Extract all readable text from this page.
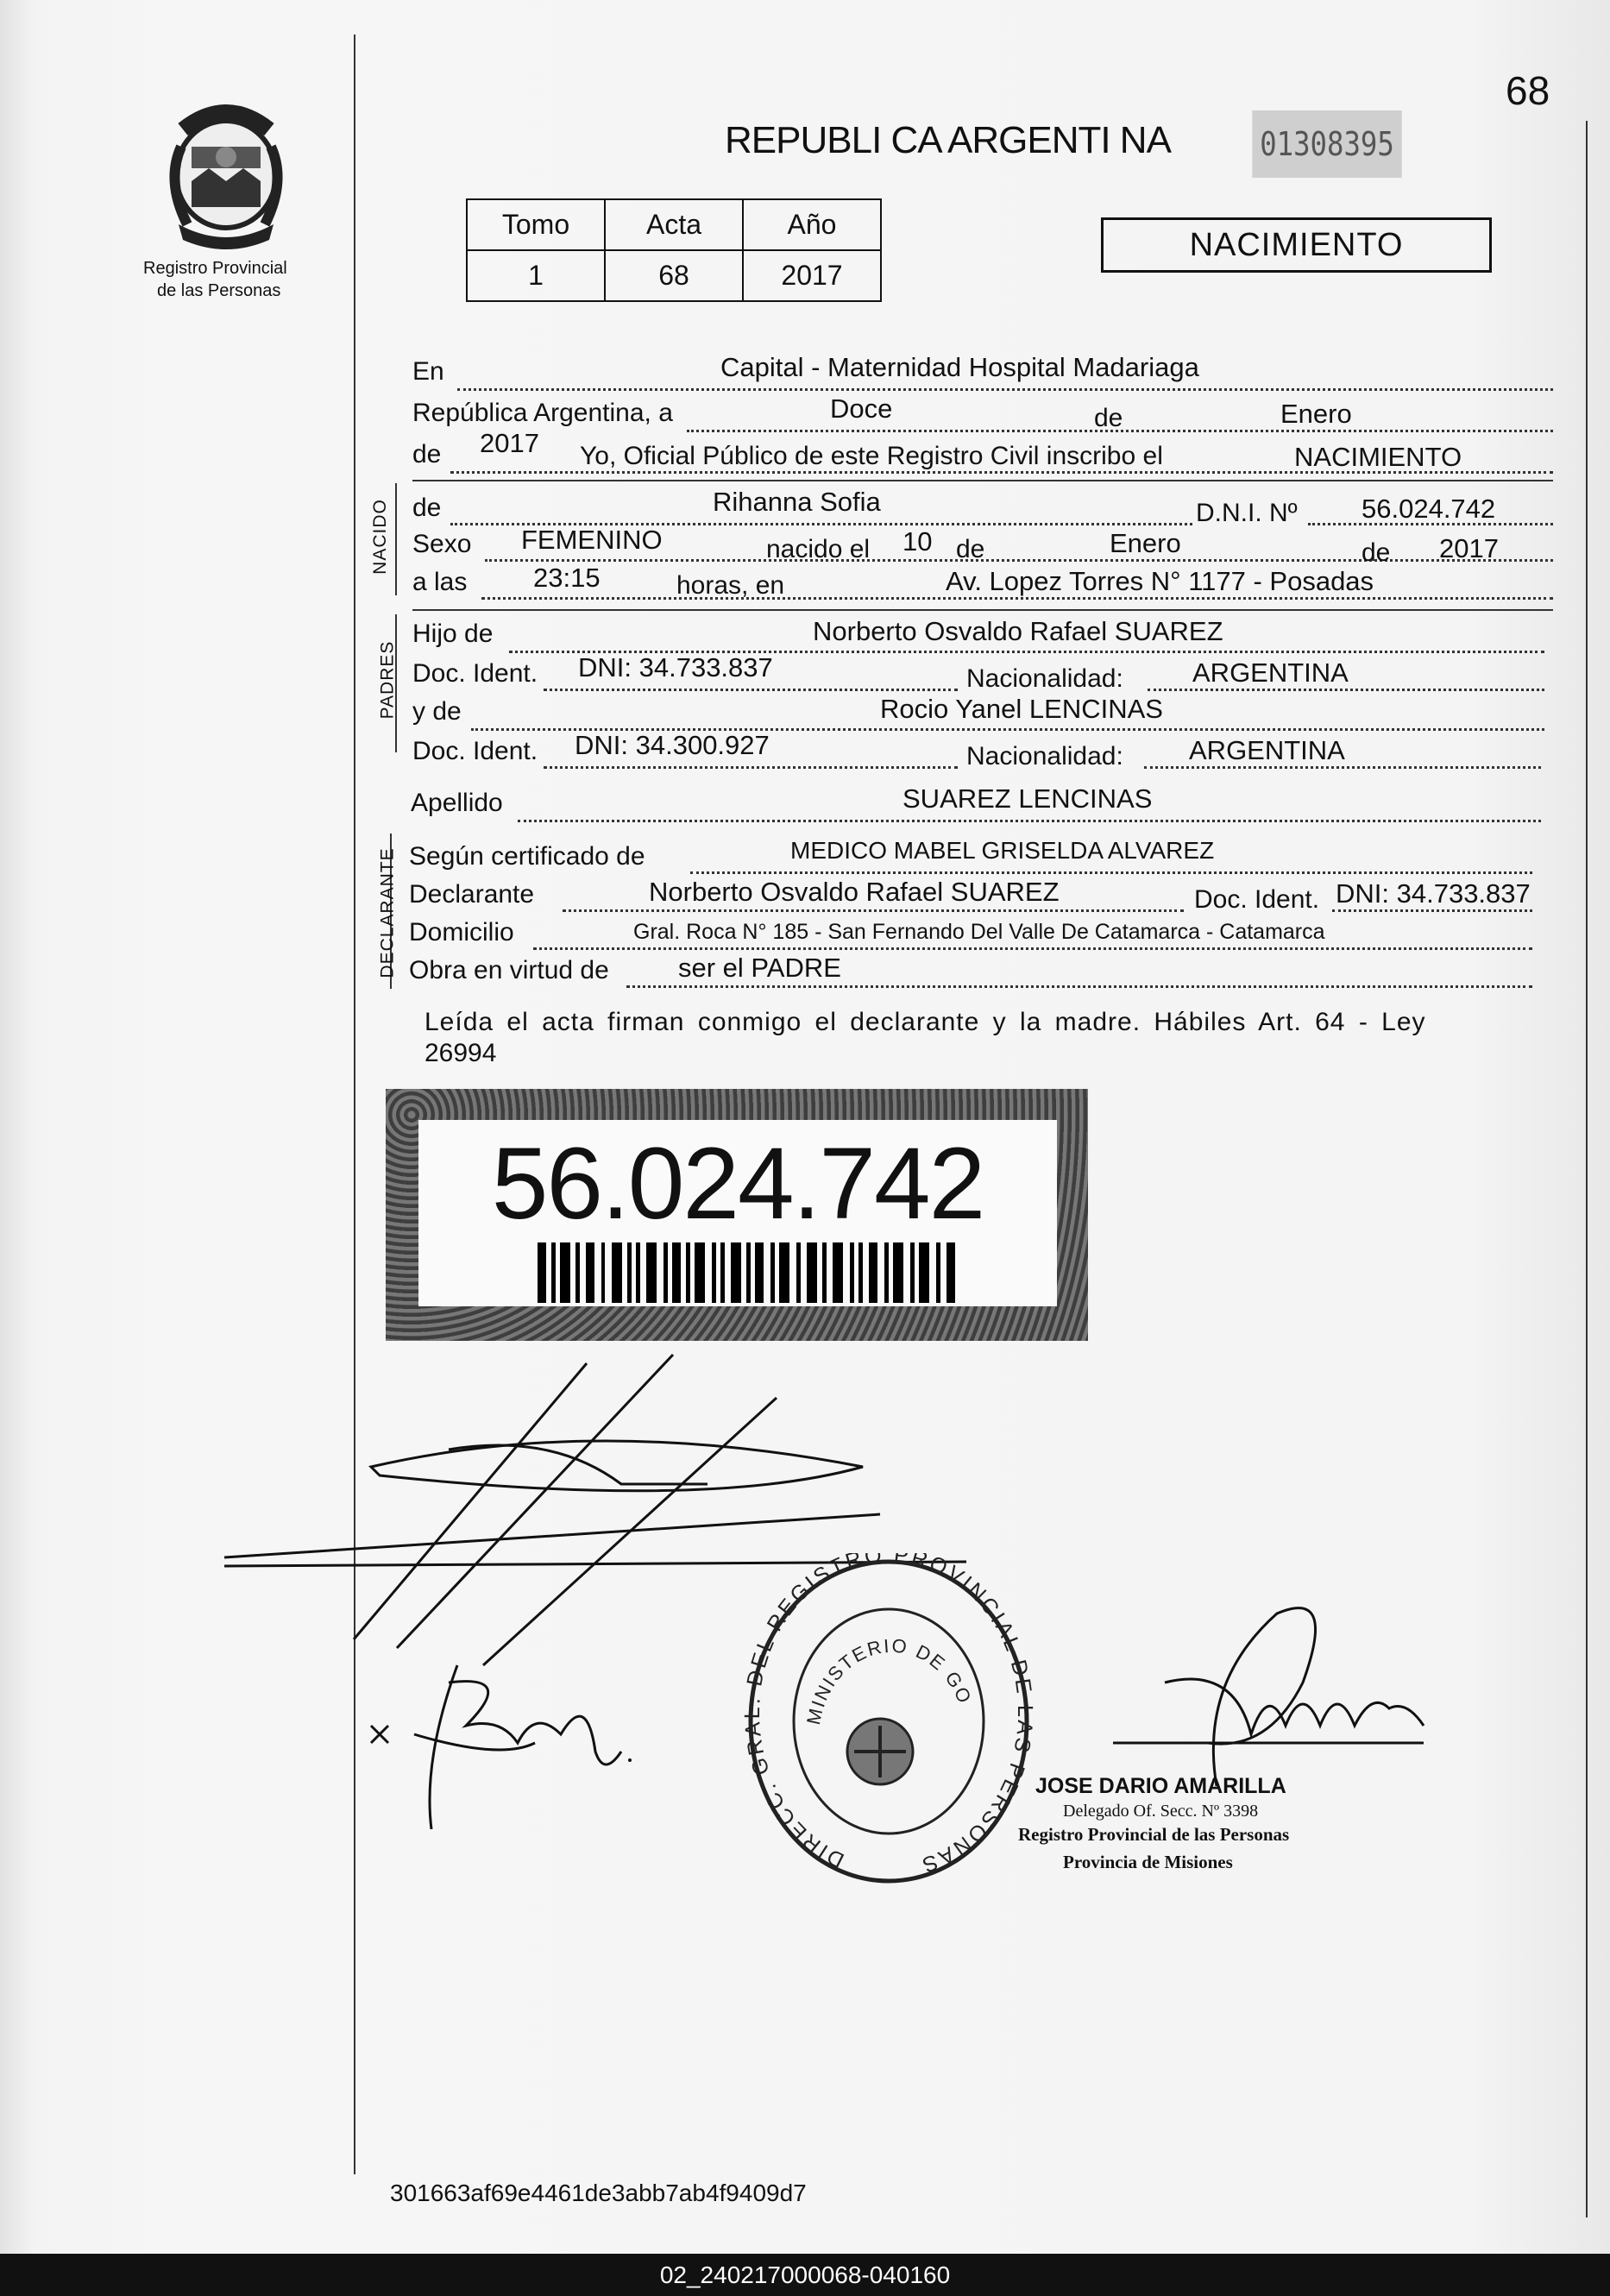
68
Registro Provincial
de las Personas
REPUBLI CA ARGENTI NA	01308395
Tomo	Acta	Año
1	68	2017
NACIMIENTO
En	Capital - Maternidad Hospital Madariaga
República Argentina, a	Doce	de	Enero
de 2017 Yo, Oficial Público de este Registro Civil inscribo el	NACIMIENTO
NACIDO de	Rihanna Sofia	D.N.I. Nº 56.024.742
Sexo FEMENINO	nacido el 10 de	Enero	de 2017
a las 23:15	horas, en	Av. Lopez Torres N° 1177 - Posadas
PADRES
Hijo de	Norberto Osvaldo Rafael SUAREZ
Doc. Ident. DNI: 34.733.837	Nacionalidad:	ARGENTINA
y de	Rocio Yanel LENCINAS
Doc. Ident. DNI: 34.300.927	Nacionalidad: ARGENTINA
Apellido	SUAREZ LENCINAS
DECLARANTE Según certificado de	MEDICO MABEL GRISELDA ALVAREZ
Declarante	Norberto Osvaldo Rafael SUAREZ	Doc. Ident. DNI: 34.733.837
Domicilio	Gral. Roca N° 185 - San Fernando Del Valle De Catamarca - Catamarca
Obra en virtud de	ser el PADRE
Leída el acta firman conmigo el declarante y la madre. Hábiles Art. 64 - Ley
26994
56.024.742
DIRECC. GRAL. DEL REGISTRO PROVINCIAL DE LAS PERSONAS
MINISTERIO DE GO
JOSE DARIO AMARILLA
Delegado Of. Secc. Nº 3398
Registro Provincial de las Personas
Provincia de Misiones
301663af69e4461de3abb7ab4f9409d7
02_240217000068-040160
